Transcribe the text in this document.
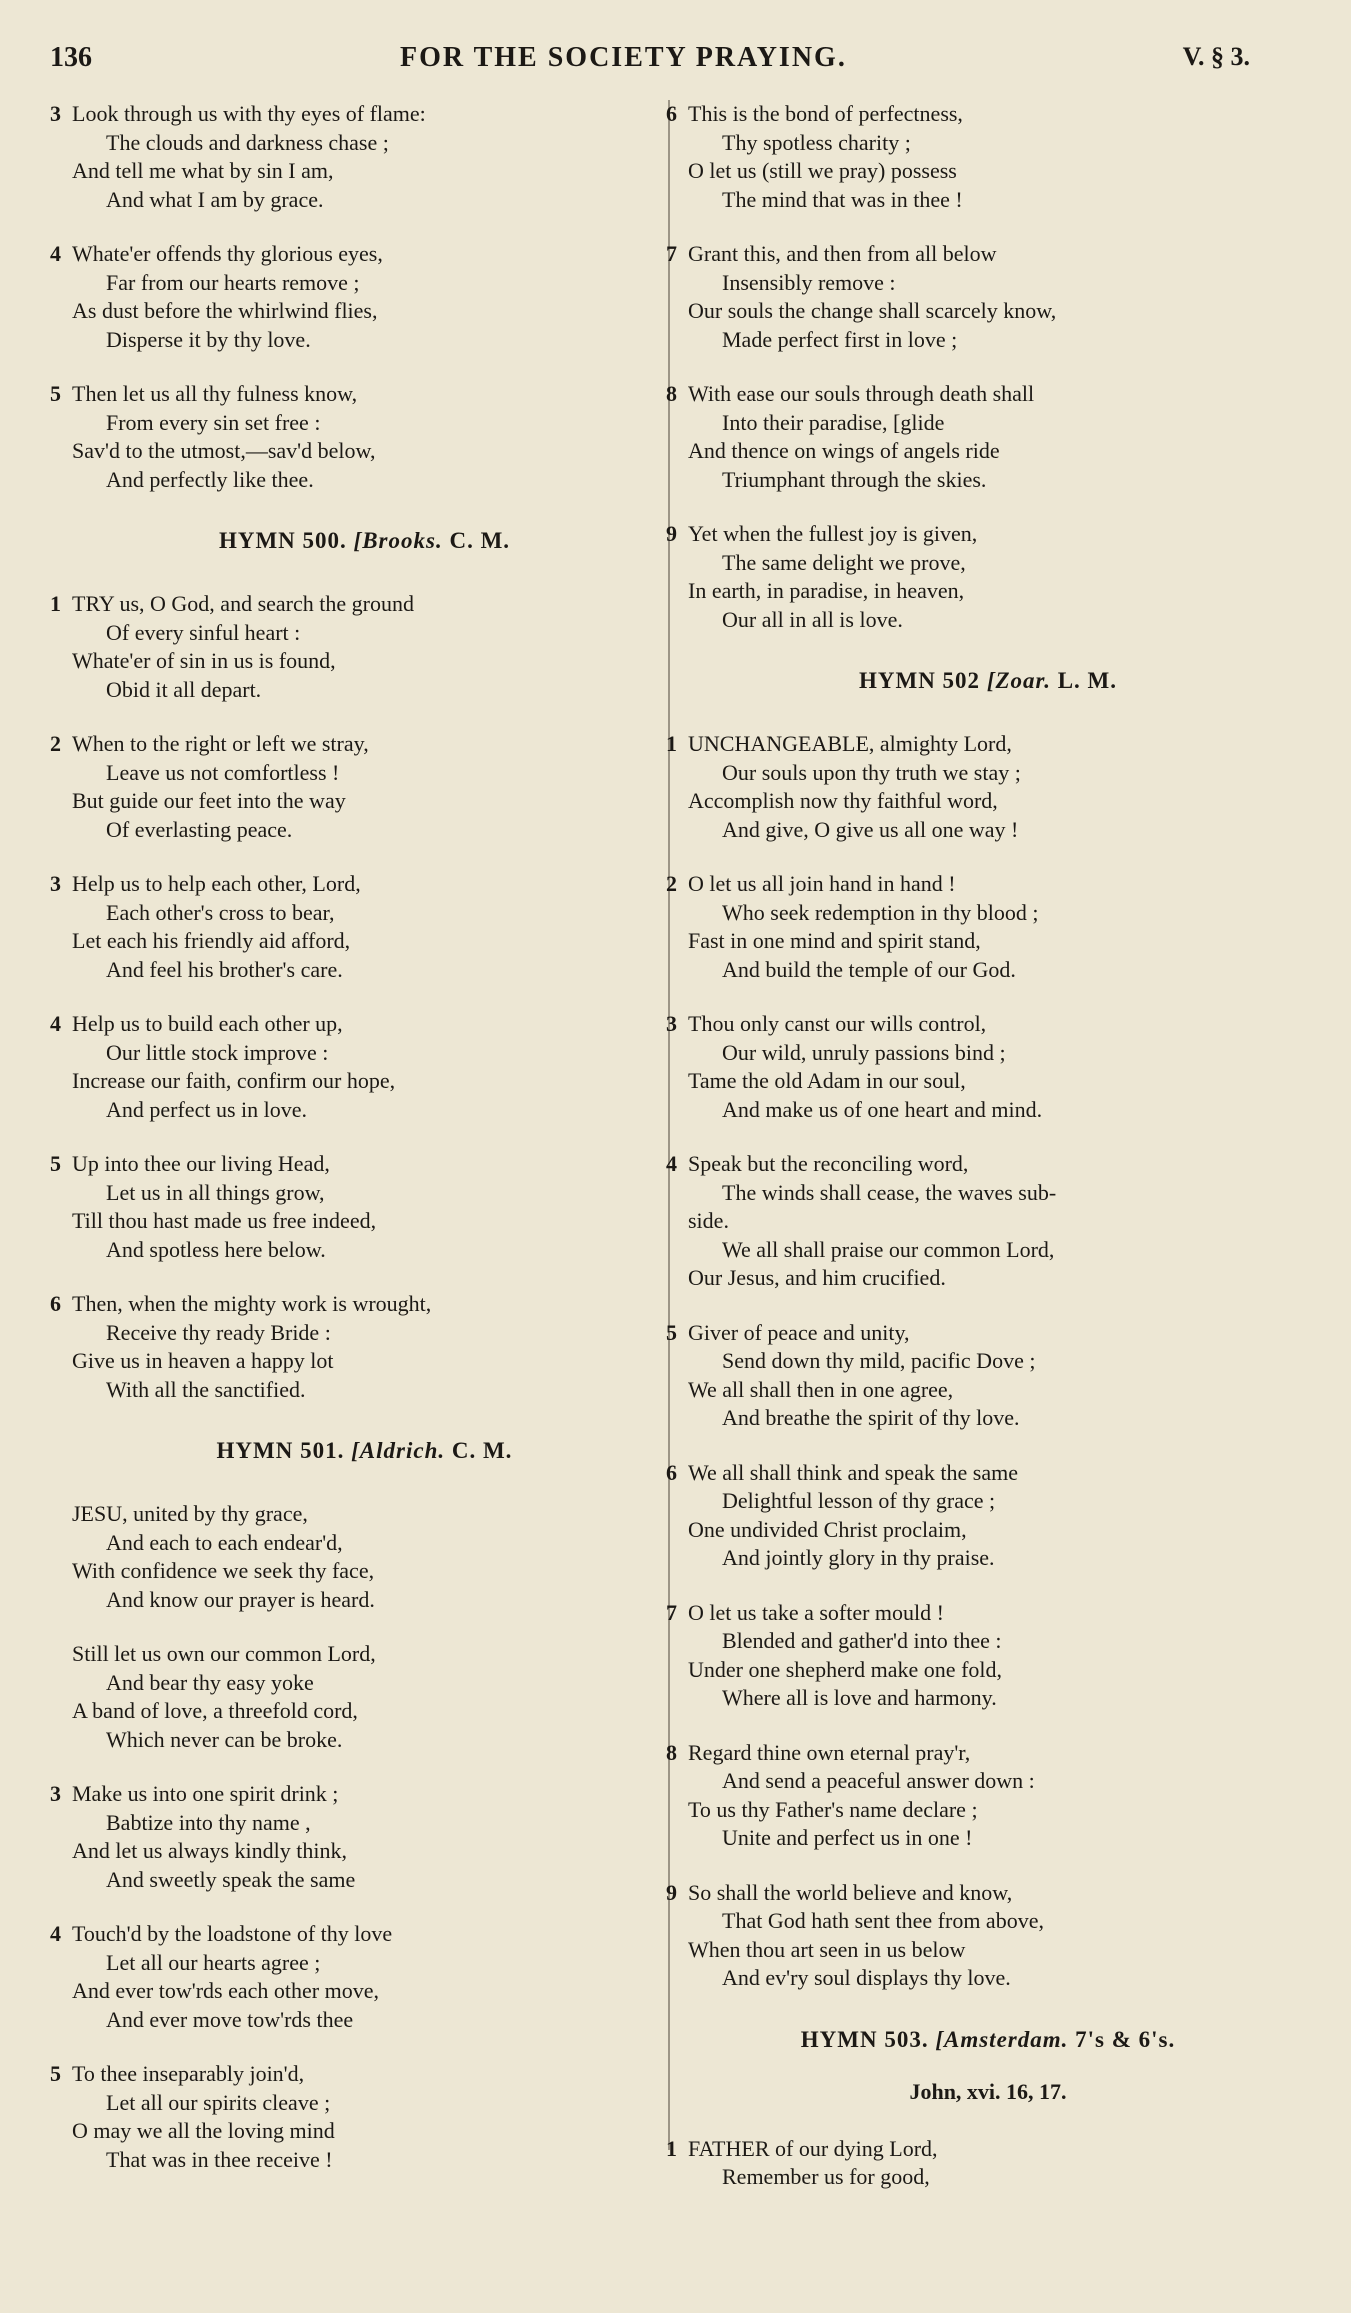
136	FOR THE SOCIETY PRAYING.	V. § 3.
3 Look through us with thy eyes of flame:
The clouds and darkness chase ;
And tell me what by sin I am,
And what I am by grace.
4 Whate'er offends thy glorious eyes,
Far from our hearts remove ;
As dust before the whirlwind flies,
Disperse it by thy love.
5 Then let us all thy fulness know,
From every sin set free :
Sav'd to the utmost,—sav'd below,
And perfectly like thee.
HYMN 500. [Brooks. C. M.
1 TRY us, O God, and search the ground
Of every sinful heart :
Whate'er of sin in us is found,
Obid it all depart.
2 When to the right or left we stray,
Leave us not comfortless !
But guide our feet into the way
Of everlasting peace.
3 Help us to help each other, Lord,
Each other's cross to bear,
Let each his friendly aid afford,
And feel his brother's care.
4 Help us to build each other up,
Our little stock improve :
Increase our faith, confirm our hope,
And perfect us in love.
5 Up into thee our living Head,
Let us in all things grow,
Till thou hast made us free indeed,
And spotless here below.
6 Then, when the mighty work is wrought,
Receive thy ready Bride :
Give us in heaven a happy lot
With all the sanctified.
HYMN 501. [Aldrich. C. M.
JESU, united by thy grace,
And each to each endear'd,
With confidence we seek thy face,
And know our prayer is heard.
Still let us own our common Lord,
And bear thy easy yoke
A band of love, a threefold cord,
Which never can be broke.
3 Make us into one spirit drink ;
Babtize into thy name ,
And let us always kindly think,
And sweetly speak the same
4 Touch'd by the loadstone of thy love
Let all our hearts agree ;
And ever tow'rds each other move,
And ever move tow'rds thee
5 To thee inseparably join'd,
Let all our spirits cleave ;
O may we all the loving mind
That was in thee receive !
6 This is the bond of perfectness,
Thy spotless charity ;
O let us (still we pray) possess
The mind that was in thee !
7 Grant this, and then from all below
Insensibly remove :
Our souls the change shall scarcely know,
Made perfect first in love ;
8 With ease our souls through death shall
Into their paradise, [glide
And thence on wings of angels ride
Triumphant through the skies.
9 Yet when the fullest joy is given,
The same delight we prove,
In earth, in paradise, in heaven,
Our all in all is love.
HYMN 502 [Zoar. L. M.
1 UNCHANGEABLE, almighty Lord,
Our souls upon thy truth we stay ;
Accomplish now thy faithful word,
And give, O give us all one way !
2 O let us all join hand in hand !
Who seek redemption in thy blood ;
Fast in one mind and spirit stand,
And build the temple of our God.
3 Thou only canst our wills control,
Our wild, unruly passions bind ;
Tame the old Adam in our soul,
And make us of one heart and mind.
4 Speak but the reconciling word,
The winds shall cease, the waves sub-
side.
We all shall praise our common Lord,
Our Jesus, and him crucified.
5 Giver of peace and unity,
Send down thy mild, pacific Dove ;
We all shall then in one agree,
And breathe the spirit of thy love.
6 We all shall think and speak the same
Delightful lesson of thy grace ;
One undivided Christ proclaim,
And jointly glory in thy praise.
7 O let us take a softer mould !
Blended and gather'd into thee :
Under one shepherd make one fold,
Where all is love and harmony.
8 Regard thine own eternal pray'r,
And send a peaceful answer down :
To us thy Father's name declare ;
Unite and perfect us in one !
9 So shall the world believe and know,
That God hath sent thee from above,
When thou art seen in us below
And ev'ry soul displays thy love.
HYMN 503. [Amsterdam. 7's & 6's.
John, xvi. 16, 17.
1 FATHER of our dying Lord,
Remember us for good,
